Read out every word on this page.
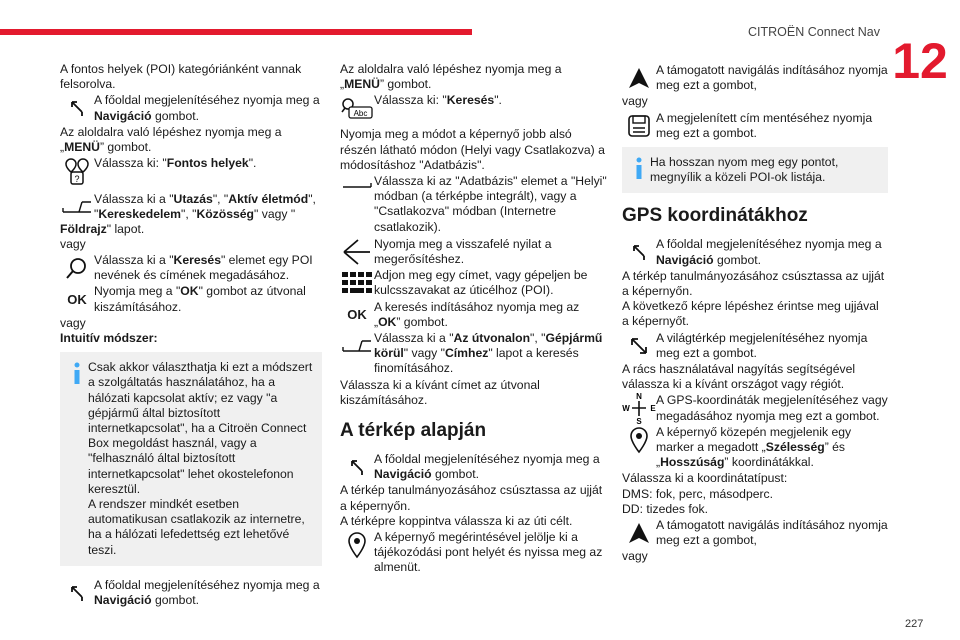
CITROËN Connect Nav
12
227

A fontos helyek (POI) kategóriánként vannak felsorolva.

A főoldal megjelenítéséhez nyomja meg a Navigáció gombot.

Az aloldalra való lépéshez nyomja meg a „MENÜ” gombot.

?
Válassza ki: "Fontos helyek".
Válassza ki a "Utazás", "Aktív életmód", "Kereskedelem", "Közösség" vagy "

Földrajz" lapot.

vagy

Válassza ki a "Keresés" elemet egy POI nevének és címének megadásához.
OK
Nyomja meg a "OK" gombot az útvonal kiszámításához.

vagy

Intuitív módszer:

Csak akkor választhatja ki ezt a módszert a szolgáltatás használatához, ha a hálózati kapcsolat aktív; ez vagy "a gépjármű által biztosított internetkapcsolat", ha a Citroën Connect Box megoldást használ, vagy a "felhasználó által biztosított internetkapcsolat" lehet okostelefonon keresztül.
A rendszer mindkét esetben automatikusan csatlakozik az internetre, ha a hálózati lefedettség ezt lehetővé teszi.
A főoldal megjelenítéséhez nyomja meg a Navigáció gombot.

Az aloldalra való lépéshez nyomja meg a „MENÜ” gombot.

Abc
Válassza ki: "Keresés".

Nyomja meg a módot a képernyő jobb alsó részén látható módon (Helyi vagy Csatlakozva) a módosításhoz "Adatbázis".

Válassza ki az "Adatbázis" elemet a "Helyi" módban (a térképbe integrált), vagy a "Csatlakozva" módban (Internetre csatlakozik).
Nyomja meg a visszafelé nyilat a megerősítéshez.
Adjon meg egy címet, vagy gépeljen be kulcsszavakat az úticélhoz (POI).
OK
A keresés indításához nyomja meg az „OK” gombot.
Válassza ki a "Az útvonalon", "Gépjármű körül" vagy "Címhez" lapot a keresés finomításához.

Válassza ki a kívánt címet az útvonal kiszámításához.

A térkép alapján
A főoldal megjelenítéséhez nyomja meg a Navigáció gombot.

A térkép tanulmányozásához csúsztassa az ujját a képernyőn.

A térképre koppintva válassza ki az úti célt.

A képernyő megérintésével jelölje ki a tájékozódási pont helyét és nyissa meg az almenüt.
A támogatott navigálás indításához nyomja meg ezt a gombot,

vagy

A megjelenített cím mentéséhez nyomja meg ezt a gombot.
Ha hosszan nyom meg egy pontot, megnyílik a közeli POI-ok listája.
GPS koordinátákhoz
A főoldal megjelenítéséhez nyomja meg a Navigáció gombot.

A térkép tanulmányozásához csúsztassa az ujját a képernyőn.

A következő képre lépéshez érintse meg ujjával a képernyőt.

A világtérkép megjelenítéséhez nyomja meg ezt a gombot.

A rács használatával nagyítás segítségével válassza ki a kívánt országot vagy régiót.

N
S
W	E
A GPS-koordináták megjelenítéséhez vagy megadásához nyomja meg ezt a gombot.
A képernyő közepén megjelenik egy marker a megadott „Szélesség” és „Hosszúság” koordinátákkal.

Válassza ki a koordinátatípust:

DMS: fok, perc, másodperc.

DD: tizedes fok.

A támogatott navigálás indításához nyomja meg ezt a gombot,

vagy
